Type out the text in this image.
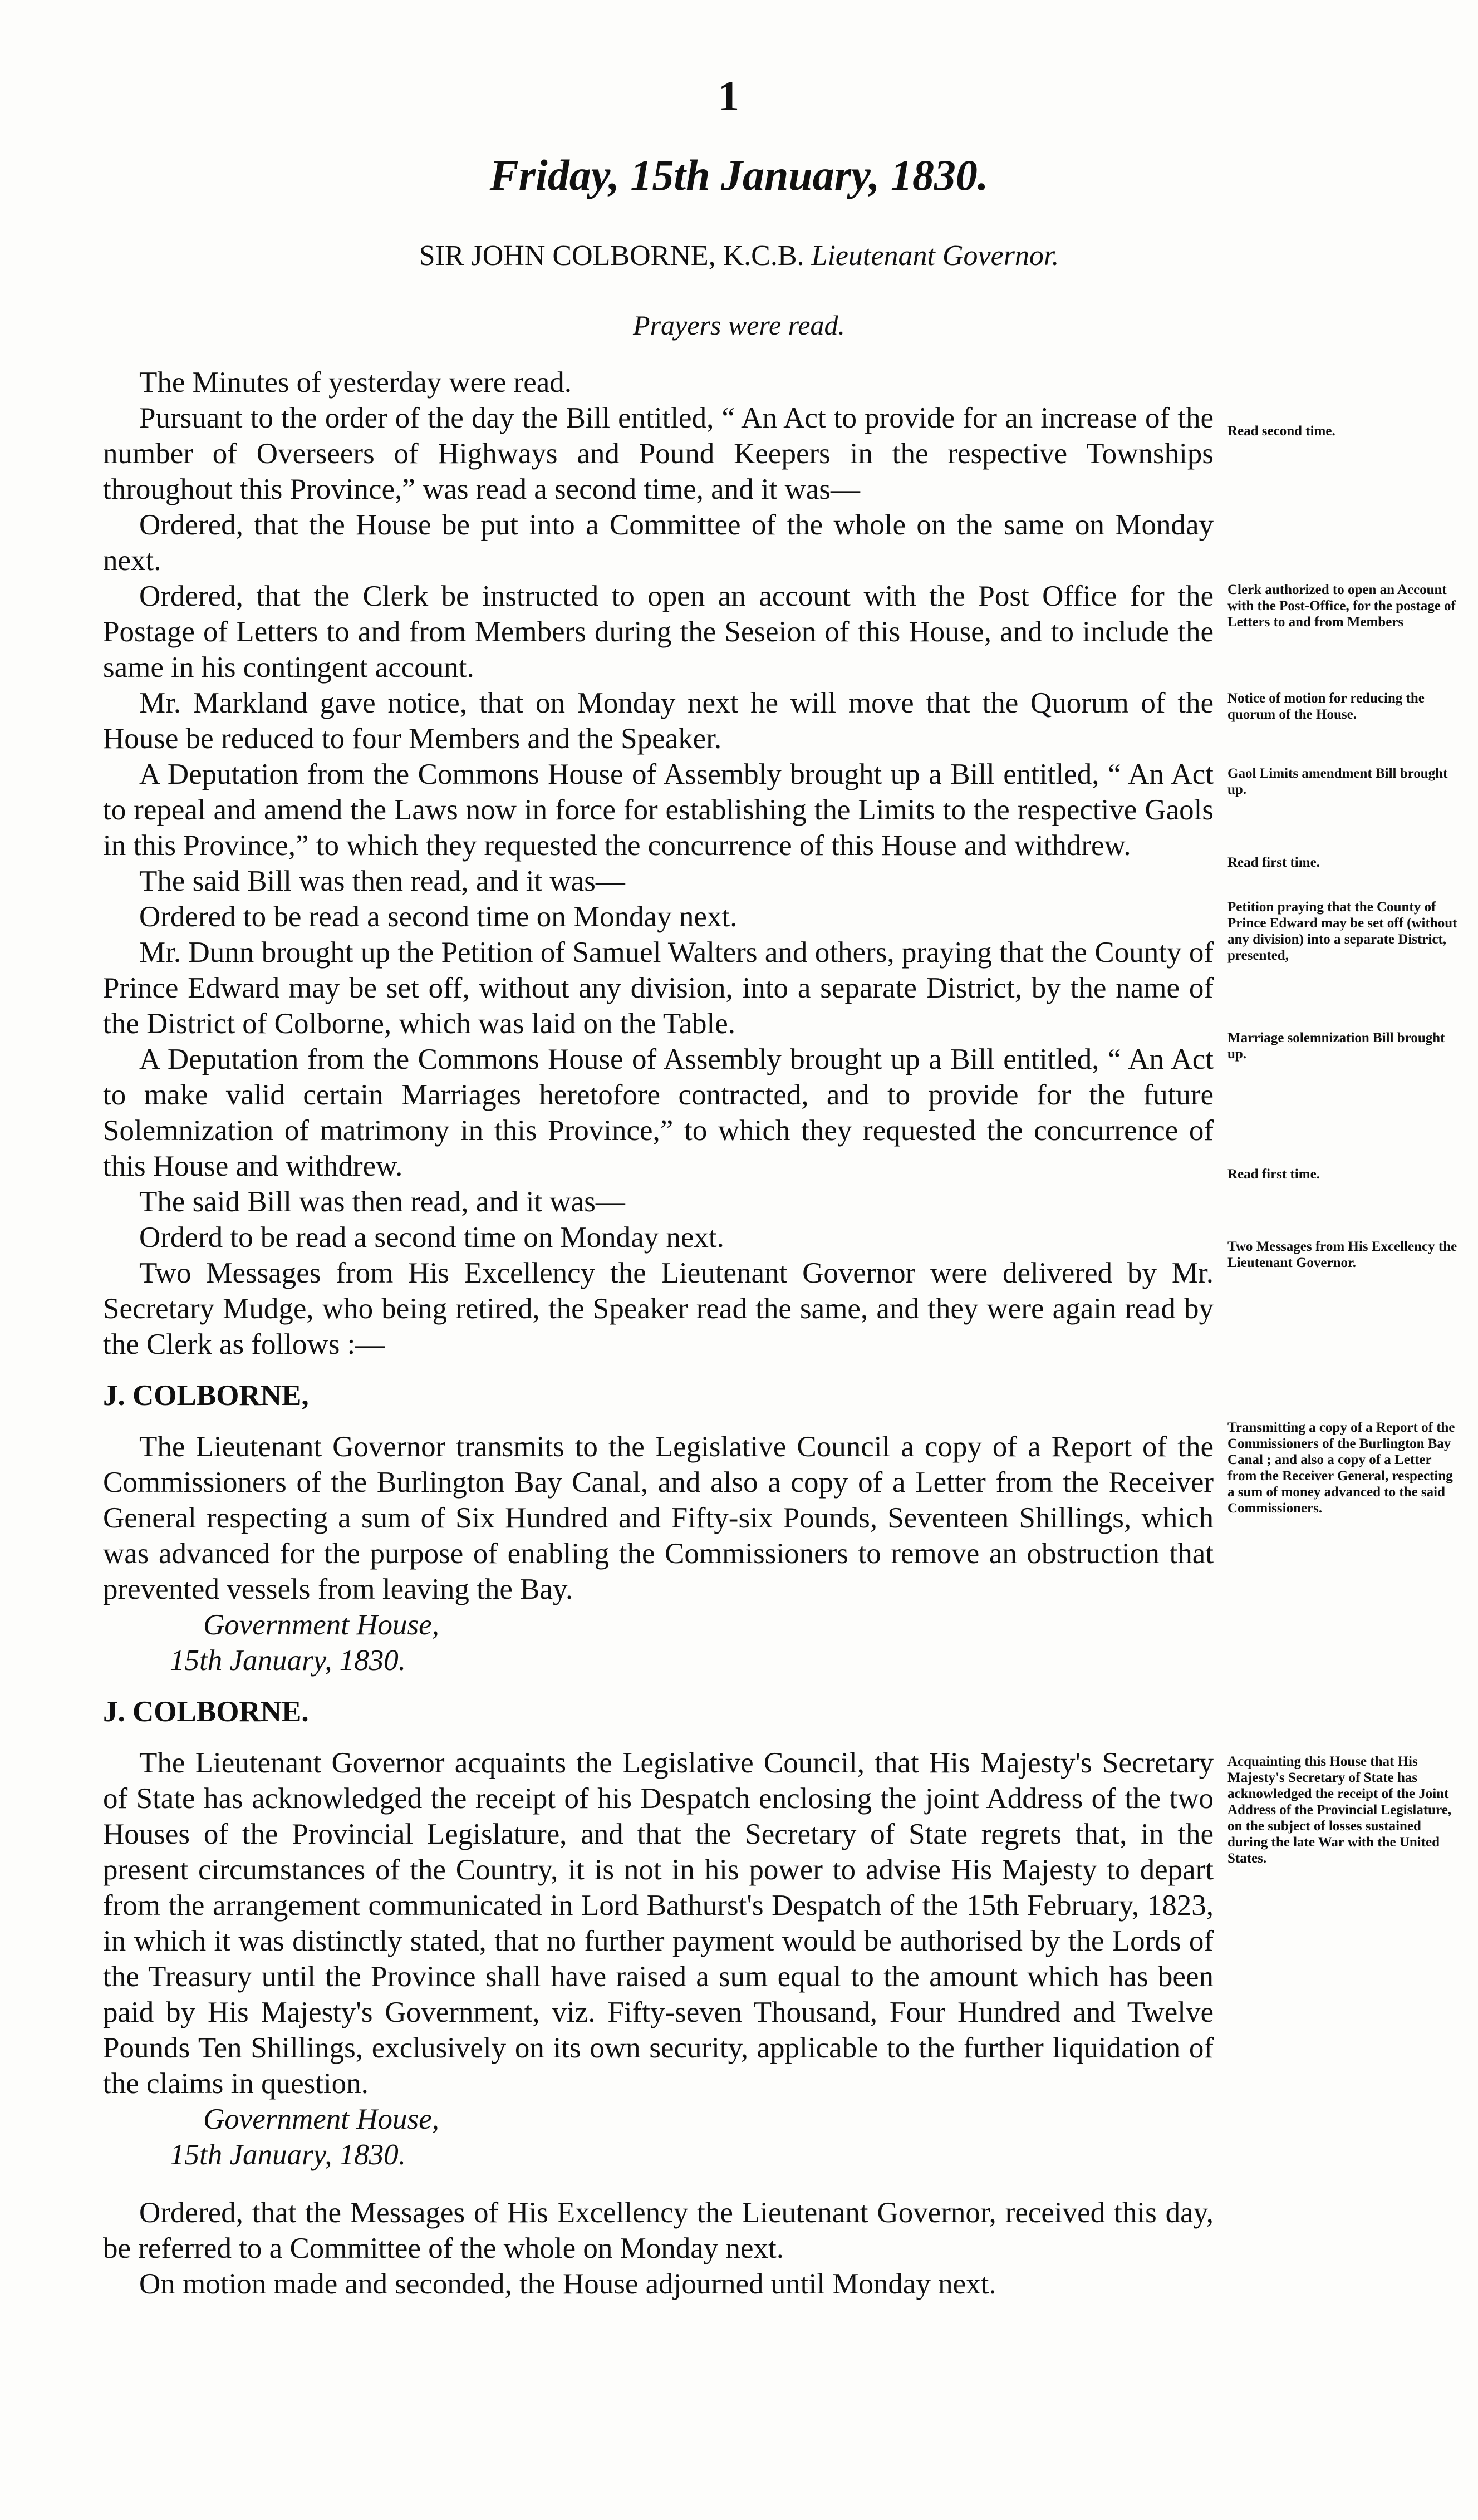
1
Friday, 15th January, 1830.
SIR JOHN COLBORNE, K.C.B. Lieutenant Governor.
Prayers were read.

The Minutes of yesterday were read.

Pursuant to the order of the day the Bill entitled, “ An Act to provide for an increase of the number of Overseers of Highways and Pound Keepers in the respective Townships throughout this Province,” was read a second time, and it was—

Ordered, that the House be put into a Committee of the whole on the same on Monday next.

Ordered, that the Clerk be instructed to open an account with the Post Office for the Postage of Letters to and from Members during the Seseion of this House, and to include the same in his contingent account.

Mr. Markland gave notice, that on Monday next he will move that the Quorum of the House be reduced to four Members and the Speaker.

A Deputation from the Commons House of Assembly brought up a Bill entitled, “ An Act to repeal and amend the Laws now in force for establishing the Limits to the respective Gaols in this Province,” to which they requested the concurrence of this House and withdrew.

The said Bill was then read, and it was—

Ordered to be read a second time on Monday next.

Mr. Dunn brought up the Petition of Samuel Walters and others, praying that the County of Prince Edward may be set off, without any division, into a separate District, by the name of the District of Colborne, which was laid on the Table.

A Deputation from the Commons House of Assembly brought up a Bill entitled, “ An Act to make valid certain Marriages heretofore contracted, and to provide for the future Solemnization of matrimony in this Province,” to which they requested the concurrence of this House and withdrew.

The said Bill was then read, and it was—

Orderd to be read a second time on Monday next.

Two Messages from His Excellency the Lieutenant Governor were delivered by Mr. Secretary Mudge, who being retired, the Speaker read the same, and they were again read by the Clerk as follows :—

J. COLBORNE,

The Lieutenant Governor transmits to the Legislative Council a copy of a Report of the Commissioners of the Burlington Bay Canal, and also a copy of a Letter from the Receiver General respecting a sum of Six Hundred and Fifty-six Pounds, Seventeen Shillings, which was advanced for the purpose of enabling the Commissioners to remove an obstruction that prevented vessels from leaving the Bay.

Government House,

15th January, 1830.

J. COLBORNE.

The Lieutenant Governor acquaints the Legislative Council, that His Majesty's Secretary of State has acknowledged the receipt of his Despatch enclosing the joint Address of the two Houses of the Provincial Legislature, and that the Secretary of State regrets that, in the present circumstances of the Country, it is not in his power to advise His Majesty to depart from the arrangement communicated in Lord Bathurst's Despatch of the 15th February, 1823, in which it was distinctly stated, that no further payment would be authorised by the Lords of the Treasury until the Province shall have raised a sum equal to the amount which has been paid by His Majesty's Government, viz. Fifty-seven Thousand, Four Hundred and Twelve Pounds Ten Shillings, exclusively on its own security, applicable to the further liquidation of the claims in question.

Government House,

15th January, 1830.

Ordered, that the Messages of His Excellency the Lieutenant Governor, received this day, be referred to a Committee of the whole on Monday next.

On motion made and seconded, the House adjourned until Monday next.

Read second time.
Clerk authorized to open an Account with the Post-Office, for the postage of Letters to and from Members
Notice of motion for reducing the quorum of the House.
Gaol Limits amendment Bill brought up.
Read first time.
Petition praying that the County of Prince Edward may be set off (without any division) into a separate District, presented,
Marriage solemnization Bill brought up.
Read first time.
Two Messages from His Excellency the Lieutenant Governor.
Transmitting a copy of a Report of the Commissioners of the Burlington Bay Canal ; and also a copy of a Letter from the Receiver General, respecting a sum of money advanced to the said Commissioners.
Acquainting this House that His Majesty's Secretary of State has acknowledged the receipt of the Joint Address of the Provincial Legislature, on the subject of losses sustained during the late War with the United States.
